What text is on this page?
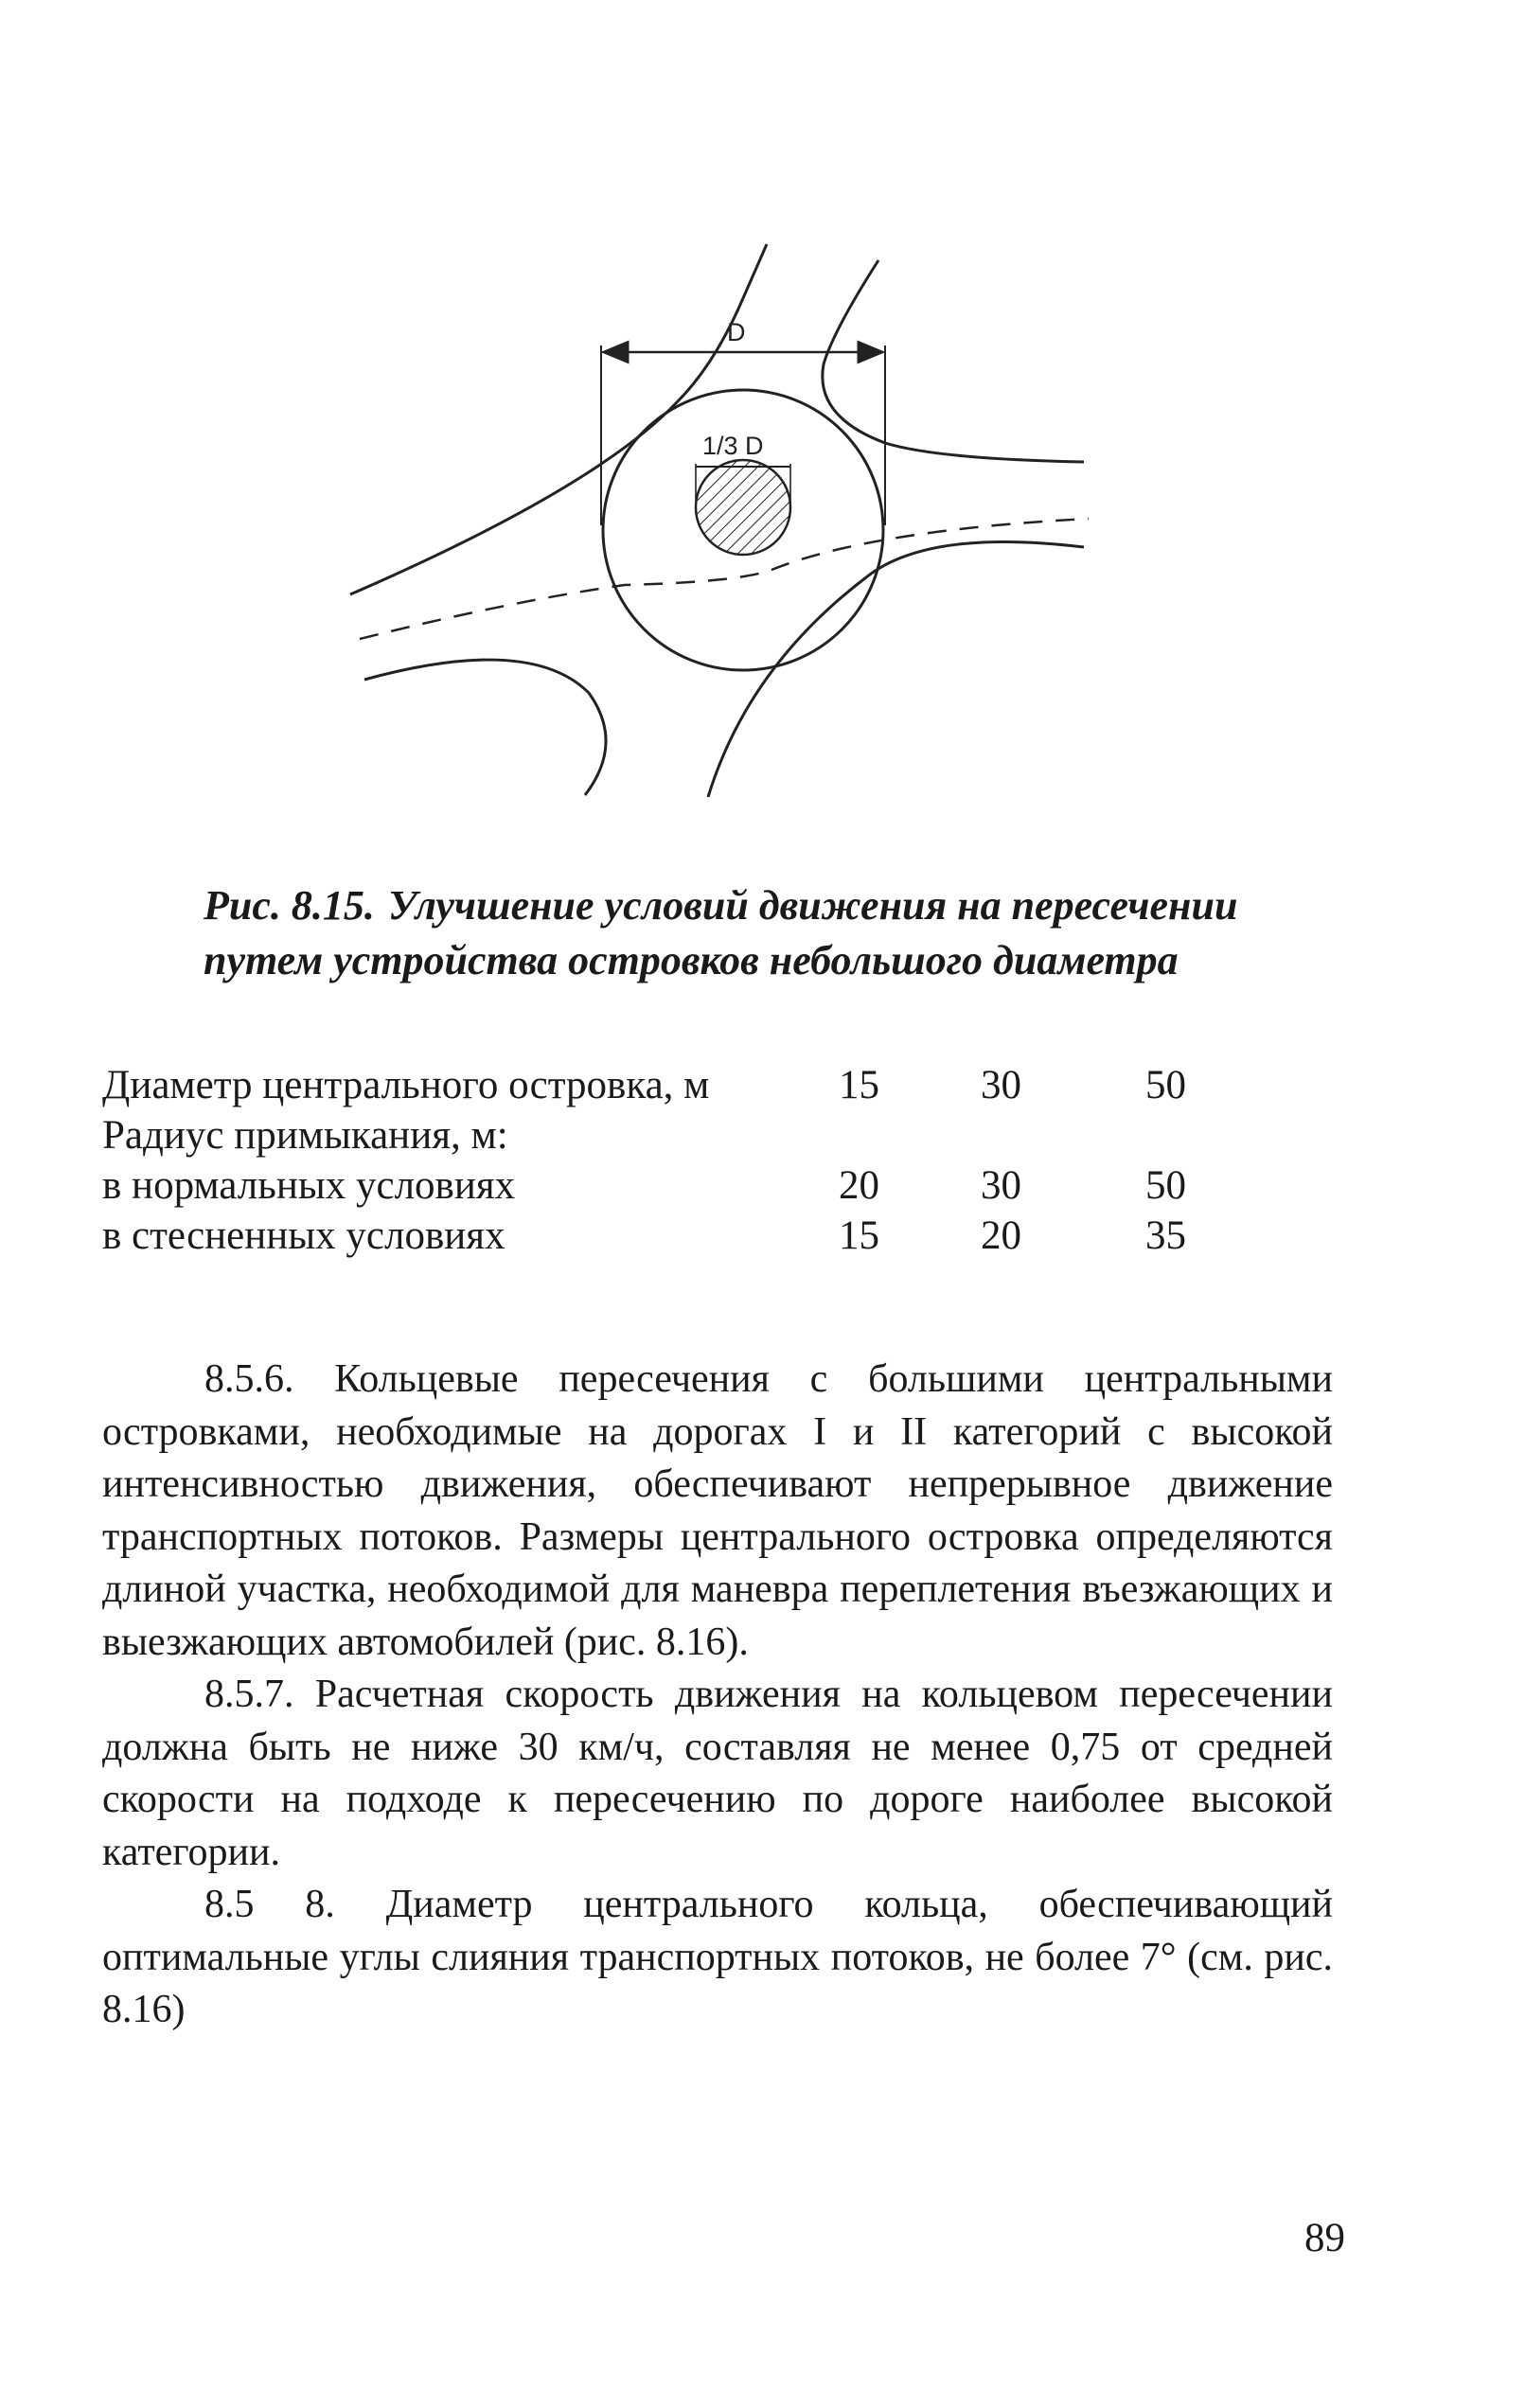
D
1/3 D
Рис. 8.15. Улучшение условий движения на пересечении путем устройства островков небольшого диаметра
Диаметр центрального островка, м	15 30	50
Радиус примыкания, м:
в нормальных условиях	20 30	50
в стесненных условиях	15 20	35

8.5.6. Кольцевые пересечения с большими центральными островками, необходимые на дорогах I и II категорий с высокой интенсивностью движения, обеспечивают непрерывное движение транспортных потоков. Размеры центрального островка определяются длиной участка, необходимой для маневра переплетения въезжающих и выезжающих автомобилей (рис. 8.16).

8.5.7. Расчетная скорость движения на кольцевом пересечении должна быть не ниже 30 км/ч, составляя не менее 0,75 от средней скорости на подходе к пересечению по дороге наиболее высокой категории.

8.5 8. Диаметр центрального кольца, обеспечивающий оптимальные углы слияния транспортных потоков, не более 7° (см. рис. 8.16)

89
